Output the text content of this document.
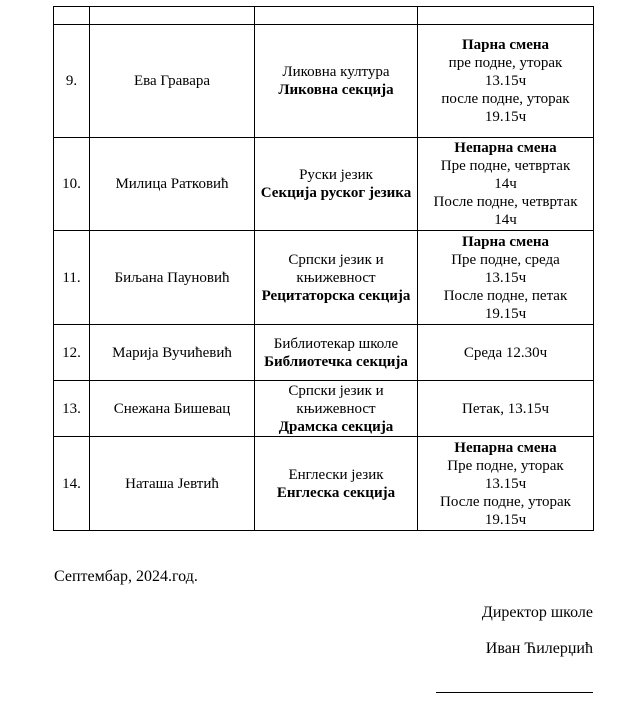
9.	Ева Гравара	Ликовна култура
Ликовна секција	Парна смена
пре подне, уторак
13.15ч
после подне, уторак
19.15ч

10.	Милица Ратковић	Руски језик
Секција руског језика	Непарна смена
Пре подне, четвртак
14ч
После подне, четвртак
14ч

11.	Биљана Пауновић	Српски језик и књижевност
Рецитаторска секција	Парна смена
Пре подне, среда
13.15ч
После подне, петак
19.15ч

12.	Марија Вучићевић	Библиотекар школе
Библиотечка секција	Среда 12.30ч

13.	Снежана Бишевац	Српски језик и књижевност
Драмска секција	Петак, 13.15ч

14.	Наташа Јевтић	Енглески језик
Енглеска секција	Непарна смена
Пре подне, уторак
13.15ч
После подне, уторак
19.15ч
Септембар, 2024.год.
Директор школе
Иван Ћилерџић
